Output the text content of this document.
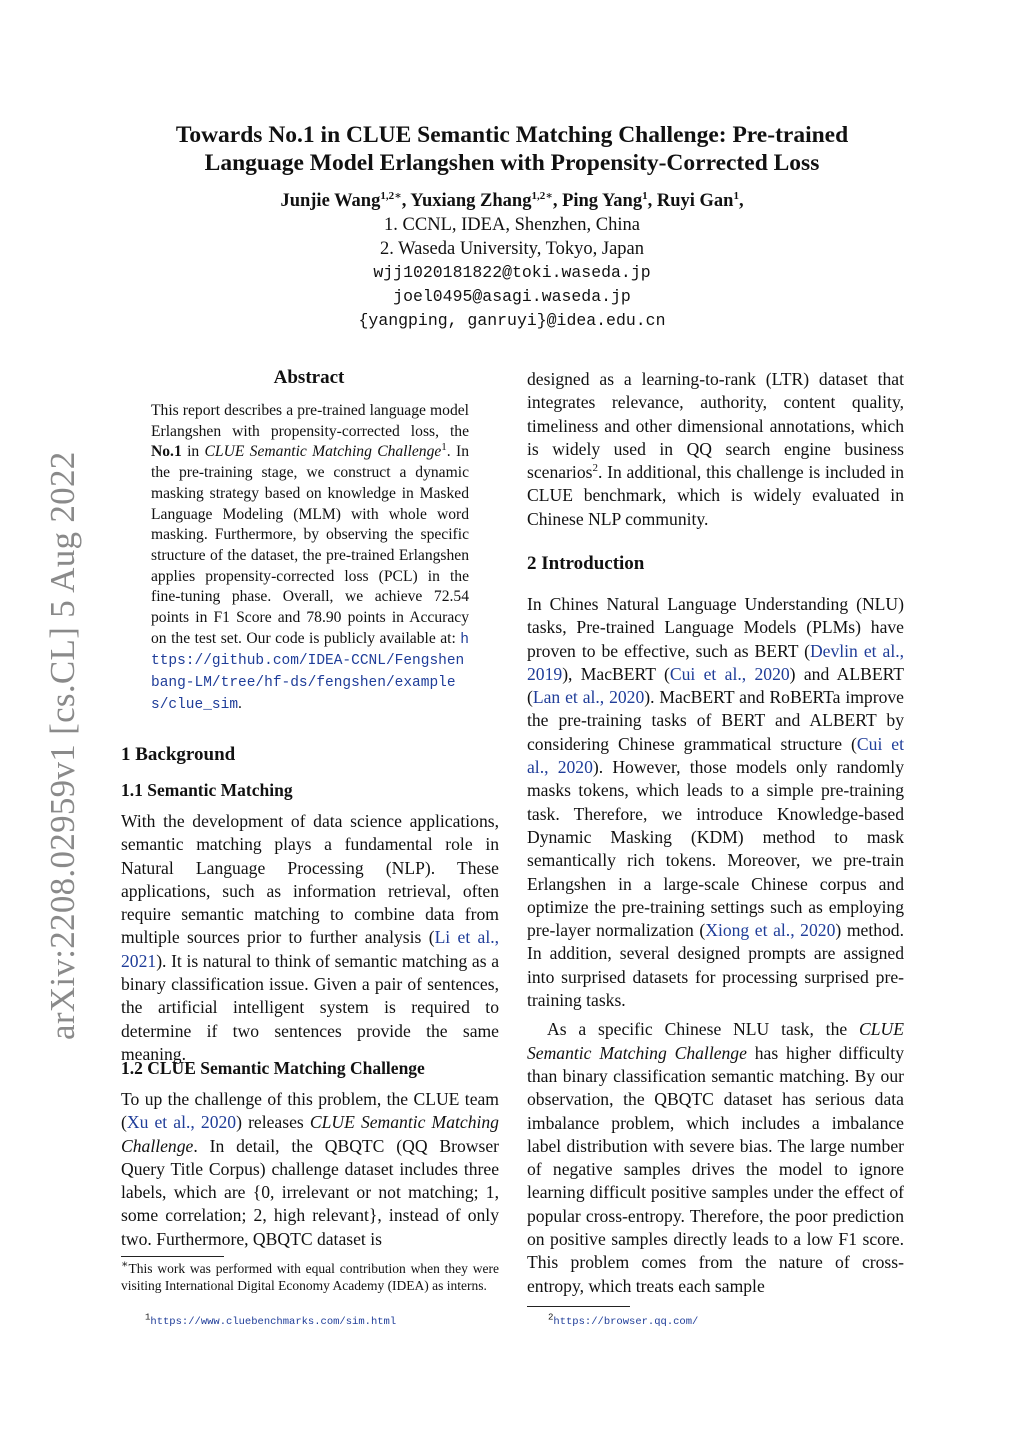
arXiv:2208.02959v1 [cs.CL] 5 Aug 2022
Towards No.1 in CLUE Semantic Matching Challenge: Pre-trained
Language Model Erlangshen with Propensity-Corrected Loss
Junjie Wang$^{1,2∗}$, Yuxiang Zhang$^{1,2∗}$, Ping Yang$^1$, Ruyi Gan$^1$,
1. CCNL, IDEA, Shenzhen, China
2. Waseda University, Tokyo, Japan
wjj1020181822@toki.waseda.jp
joel0495@asagi.waseda.jp
{yangping, ganruyi}@idea.edu.cn
Abstract
This report describes a pre-trained language model Erlangshen with propensity-corrected loss, the No.1 in CLUE Semantic Matching Challenge$^1$. In the pre-training stage, we construct a dynamic masking strategy based on knowledge in Masked Language Modeling (MLM) with whole word masking. Furthermore, by observing the specific structure of the dataset, the pre-trained Erlangshen applies propensity-corrected loss (PCL) in the fine-tuning phase. Overall, we achieve 72.54 points in F1 Score and 78.90 points in Accuracy on the test set. Our code is publicly available at: https://github.com/IDEA-CCNL/Fengshenbang-LM/tree/hf-ds/fengshen/examples/clue_sim.
1 Background
1.1 Semantic Matching

With the development of data science applications, semantic matching plays a fundamental role in Natural Language Processing (NLP). These applications, such as information retrieval, often require semantic matching to combine data from multiple sources prior to further analysis (Li et al., 2021). It is natural to think of semantic matching as a binary classification issue. Given a pair of sentences, the artificial intelligent system is required to determine if two sentences provide the same meaning.

1.2 CLUE Semantic Matching Challenge

To up the challenge of this problem, the CLUE team (Xu et al., 2020) releases CLUE Semantic Matching Challenge. In detail, the QBQTC (QQ Browser Query Title Corpus) challenge dataset includes three labels, which are {0, irrelevant or not matching; 1, some correlation; 2, high relevant}, instead of only two. Furthermore, QBQTC dataset is

∗This work was performed with equal contribution when they were visiting International Digital Economy Academy (IDEA) as interns.
$^1$https://www.cluebenchmarks.com/sim.html

designed as a learning-to-rank (LTR) dataset that integrates relevance, authority, content quality, timeliness and other dimensional annotations, which is widely used in QQ search engine business scenarios$^2$. In additional, this challenge is included in CLUE benchmark, which is widely evaluated in Chinese NLP community.

2 Introduction

In Chines Natural Language Understanding (NLU) tasks, Pre-trained Language Models (PLMs) have proven to be effective, such as BERT (Devlin et al., 2019), MacBERT (Cui et al., 2020) and ALBERT (Lan et al., 2020). MacBERT and RoBERTa improve the pre-training tasks of BERT and ALBERT by considering Chinese grammatical structure (Cui et al., 2020). However, those models only randomly masks tokens, which leads to a simple pre-training task. Therefore, we introduce Knowledge-based Dynamic Masking (KDM) method to mask semantically rich tokens. Moreover, we pre-train Erlangshen in a large-scale Chinese corpus and optimize the pre-training settings such as employing pre-layer normalization (Xiong et al., 2020) method. In addition, several designed prompts are assigned into surprised datasets for processing surprised pre-training tasks.

As a specific Chinese NLU task, the CLUE Semantic Matching Challenge has higher difficulty than binary classification semantic matching. By our observation, the QBQTC dataset has serious data imbalance problem, which includes a imbalance label distribution with severe bias. The large number of negative samples drives the model to ignore learning difficult positive samples under the effect of popular cross-entropy. Therefore, the poor prediction on positive samples directly leads to a low F1 score. This problem comes from the nature of cross-entropy, which treats each sample

$^2$https://browser.qq.com/
